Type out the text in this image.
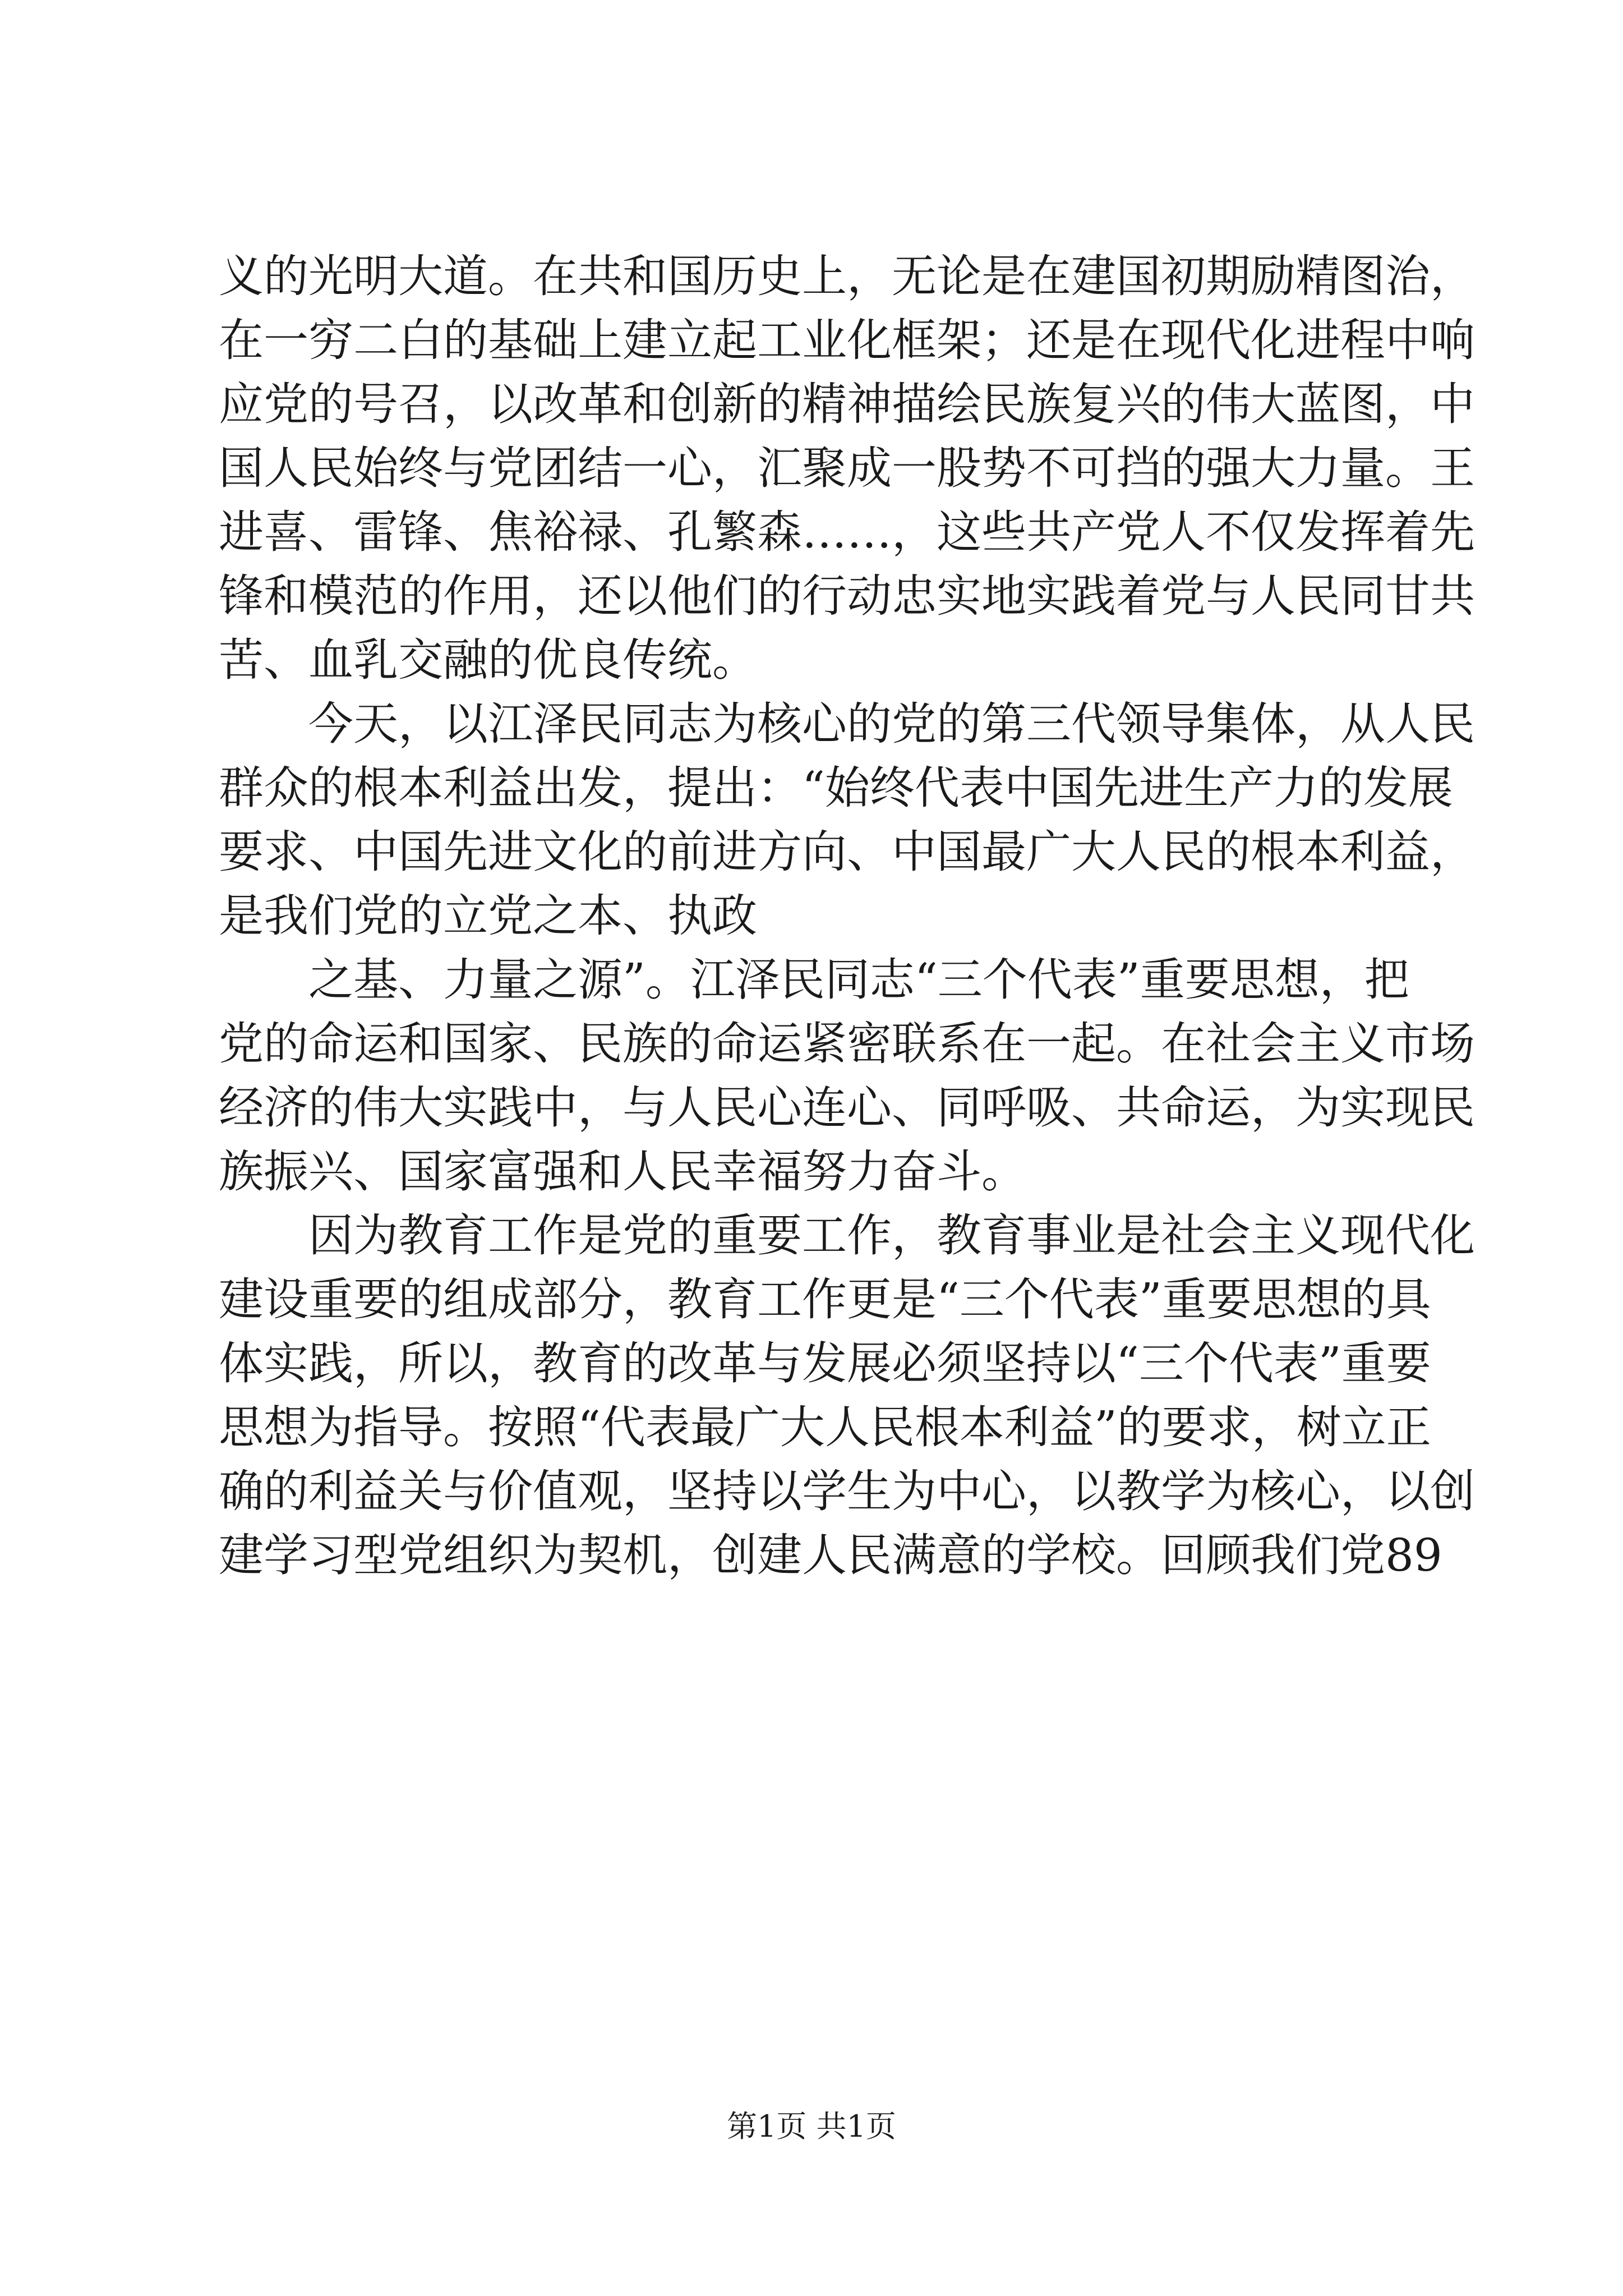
义的光明大道。在共和国历史上，无论是在建国初期励精图治，
在一穷二白的基础上建立起工业化框架；还是在现代化进程中响
应党的号召，以改革和创新的精神描绘民族复兴的伟大蓝图，中
国人民始终与党团结一心，汇聚成一股势不可挡的强大力量。王
进喜、雷锋、焦裕禄、孔繁森……，这些共产党人不仅发挥着先
锋和模范的作用，还以他们的行动忠实地实践着党与人民同甘共
苦、血乳交融的优良传统。
今天，以江泽民同志为核心的党的第三代领导集体，从人民
群众的根本利益出发，提出：“始终代表中国先进生产力的发展
要求、中国先进文化的前进方向、中国最广大人民的根本利益，
是我们党的立党之本、执政
之基、力量之源”。江泽民同志“三个代表”重要思想，把
党的命运和国家、民族的命运紧密联系在一起。在社会主义市场
经济的伟大实践中，与人民心连心、同呼吸、共命运，为实现民
族振兴、国家富强和人民幸福努力奋斗。
因为教育工作是党的重要工作，教育事业是社会主义现代化
建设重要的组成部分，教育工作更是“三个代表”重要思想的具
体实践，所以，教育的改革与发展必须坚持以“三个代表”重要
思想为指导。按照“代表最广大人民根本利益”的要求，树立正
确的利益关与价值观，坚持以学生为中心，以教学为核心，以创
建学习型党组织为契机，创建人民满意的学校。回顾我们党89
第1页 共1页
